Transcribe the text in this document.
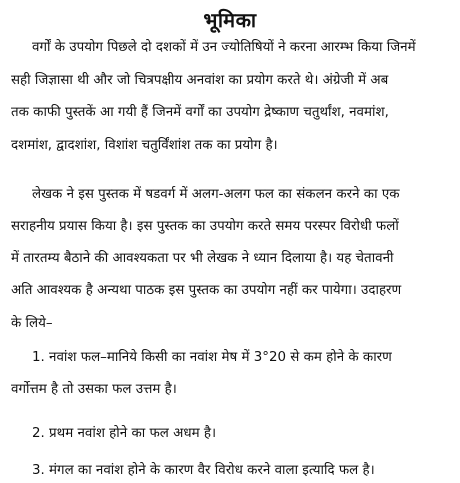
भूमिका
वर्गों के उपयोग पिछले दो दशकों में उन ज्योतिषियों ने करना आरम्भ किया जिनमें
सही जिज्ञासा थी और जो चित्रपक्षीय अनवांश का प्रयोग करते थे। अंग्रेजी में अब
तक काफी पुस्तकें आ गयी हैं जिनमें वर्गों का उपयोग द्रेष्काण चतुर्थांश, नवमांश,
दशमांश, द्वादशांश, विशांश चतुर्विंशांश तक का प्रयोग है।
लेखक ने इस पुस्तक में षडवर्ग में अलग-अलग फल का संकलन करने का एक
सराहनीय प्रयास किया है। इस पुस्तक का उपयोग करते समय परस्पर विरोधी फलों
में तारतम्य बैठाने की आवश्यकता पर भी लेखक ने ध्यान दिलाया है। यह चेतावनी
अति आवश्यक है अन्यथा पाठक इस पुस्तक का उपयोग नहीं कर पायेगा। उदाहरण
के लिये–
1. नवांश फल–मानिये किसी का नवांश मेष में 3°20 से कम होने के कारण
वर्गोत्तम है तो उसका फल उत्तम है।
2. प्रथम नवांश होने का फल अधम है।
3. मंगल का नवांश होने के कारण वैर विरोध करने वाला इत्यादि फल है।
